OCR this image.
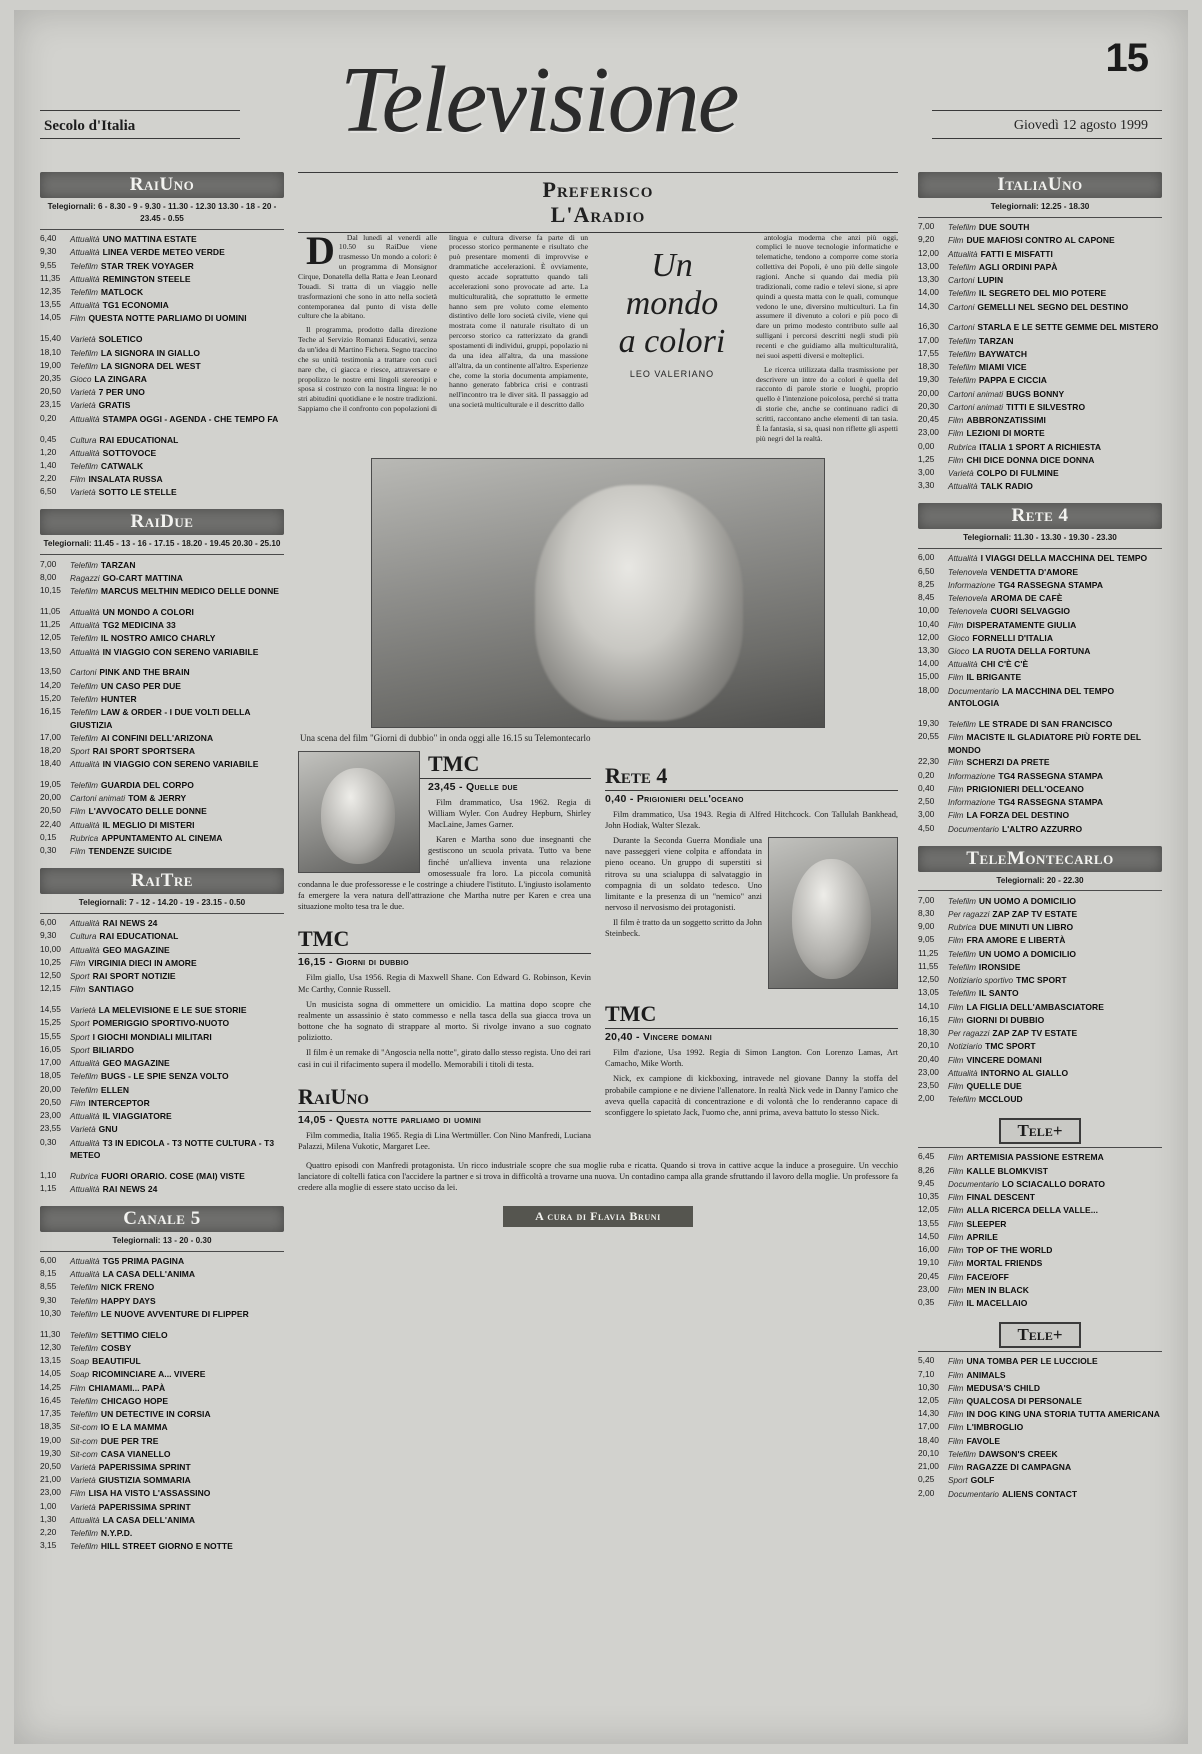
15
Secolo d'Italia Televisione	Giovedì 12 agosto 1999
RaiUno
Telegiornali: 6 - 8.30 - 9 - 9.30 - 11.30 - 12.30 13.30 - 18 - 20 - 23.45 - 0.55
6,40	Attualità UNO MATTINA ESTATE
9,30	Attualità LINEA VERDE METEO VERDE
9,55	Telefilm STAR TREK VOYAGER
11,35	Attualità REMINGTON STEELE
12,35	Telefilm MATLOCK
13,55	Attualità TG1 ECONOMIA
14,05	Film QUESTA NOTTE PARLIAMO DI UOMINI
15,40	Varietà SOLETICO
18,10	Telefilm LA SIGNORA IN GIALLO
19,00	Telefilm LA SIGNORA DEL WEST
20,35	Gioco LA ZINGARA
20,50	Varietà 7 PER UNO
23,15	Varietà GRATIS
0,20	Attualità STAMPA OGGI - AGENDA - CHE TEMPO FA
0,45	Cultura RAI EDUCATIONAL
1,20	Attualità SOTTOVOCE
1,40	Telefilm CATWALK
2,20	Film INSALATA RUSSA
6,50	Varietà SOTTO LE STELLE
RaiDue
Telegiornali: 11.45 - 13 - 16 - 17.15 - 18.20 - 19.45 20.30 - 25.10
7,00	Telefilm TARZAN
8,00	Ragazzi GO-CART MATTINA
10,15	Telefilm MARCUS MELTHIN MEDICO DELLE DONNE
11,05	Attualità UN MONDO A COLORI
11,25	Attualità TG2 MEDICINA 33
12,05	Telefilm IL NOSTRO AMICO CHARLY
13,50	Attualità IN VIAGGIO CON SERENO VARIABILE
13,50	Cartoni PINK AND THE BRAIN
14,20	Telefilm UN CASO PER DUE
15,20	Telefilm HUNTER
16,15	Telefilm LAW & ORDER - I DUE VOLTI DELLA GIUSTIZIA
17,00	Telefilm AI CONFINI DELL'ARIZONA
18,20	Sport RAI SPORT SPORTSERA
18,40	Attualità IN VIAGGIO CON SERENO VARIABILE
19,05	Telefilm GUARDIA DEL CORPO
20,00	Cartoni animati TOM & JERRY
20,50	Film L'AVVOCATO DELLE DONNE
22,40	Attualità IL MEGLIO DI MISTERI
0,15	Rubrica APPUNTAMENTO AL CINEMA
0,30	Film TENDENZE SUICIDE
RaiTre
Telegiornali: 7 - 12 - 14.20 - 19 - 23.15 - 0.50
6,00	Attualità RAI NEWS 24
9,30	Cultura RAI EDUCATIONAL
10,00	Attualità GEO MAGAZINE
10,25	Film VIRGINIA DIECI IN AMORE
12,50	Sport RAI SPORT NOTIZIE
12,15	Film SANTIAGO
14,55	Varietà LA MELEVISIONE E LE SUE STORIE
15,25	Sport POMERIGGIO SPORTIVO-NUOTO
15,55	Sport I GIOCHI MONDIALI MILITARI
16,05	Sport BILIARDO
17,00	Attualità GEO MAGAZINE
18,05	Telefilm BUGS - LE SPIE SENZA VOLTO
20,00	Telefilm ELLEN
20,50	Film INTERCEPTOR
23,00	Attualità IL VIAGGIATORE
23,55	Varietà GNU
0,30	Attualità T3 IN EDICOLA - T3 NOTTE CULTURA - T3 METEO
1,10	Rubrica FUORI ORARIO. COSE (MAI) VISTE
1,15	Attualità RAI NEWS 24
Canale 5
Telegiornali: 13 - 20 - 0.30
6,00	Attualità TG5 PRIMA PAGINA
8,15	Attualità LA CASA DELL'ANIMA
8,55	Telefilm NICK FRENO
9,30	Telefilm HAPPY DAYS
10,30	Telefilm LE NUOVE AVVENTURE DI FLIPPER
11,30	Telefilm SETTIMO CIELO
12,30	Telefilm COSBY
13,15	Soap BEAUTIFUL
14,05	Soap RICOMINCIARE A... VIVERE
14,25	Film CHIAMAMI... PAPÀ
16,45	Telefilm CHICAGO HOPE
17,35	Telefilm UN DETECTIVE IN CORSIA
18,35	Sit-com IO E LA MAMMA
19,00	Sit-com DUE PER TRE
19,30	Sit-com CASA VIANELLO
20,50	Varietà PAPERISSIMA SPRINT
21,00	Varietà GIUSTIZIA SOMMARIA
23,00	Film LISA HA VISTO L'ASSASSINO
1,00	Varietà PAPERISSIMA SPRINT
1,30	Attualità LA CASA DELL'ANIMA
2,20	Telefilm N.Y.P.D.
3,15	Telefilm HILL STREET GIORNO E NOTTE
ItaliaUno
Telegiornali: 12.25 - 18.30
7,00	Telefilm DUE SOUTH
9,20	Film DUE MAFIOSI CONTRO AL CAPONE
12,00	Attualità FATTI E MISFATTI
13,00	Telefilm AGLI ORDINI PAPÀ
13,30	Cartoni LUPIN
14,00	Telefilm IL SEGRETO DEL MIO POTERE
14,30	Cartoni GEMELLI NEL SEGNO DEL DESTINO
16,30	Cartoni STARLA E LE SETTE GEMME DEL MISTERO
17,00	Telefilm TARZAN
17,55	Telefilm BAYWATCH
18,30	Telefilm MIAMI VICE
19,30	Telefilm PAPPA E CICCIA
20,00	Cartoni animati BUGS BONNY
20,30	Cartoni animati TITTI E SILVESTRO
20,45	Film ABBRONZATISSIMI
23,00	Film LEZIONI DI MORTE
0,00	Rubrica ITALIA 1 SPORT A RICHIESTA
1,25	Film CHI DICE DONNA DICE DONNA
3,00	Varietà COLPO DI FULMINE
3,30	Attualità TALK RADIO
Rete 4
Telegiornali: 11.30 - 13.30 - 19.30 - 23.30
6,00	Attualità I VIAGGI DELLA MACCHINA DEL TEMPO
6,50	Telenovela VENDETTA D'AMORE
8,25	Informazione TG4 RASSEGNA STAMPA
8,45	Telenovela AROMA DE CAFÈ
10,00	Telenovela CUORI SELVAGGIO
10,40	Film DISPERATAMENTE GIULIA
12,00	Gioco FORNELLI D'ITALIA
13,30	Gioco LA RUOTA DELLA FORTUNA
14,00	Attualità CHI C'È C'È
15,00	Film IL BRIGANTE
18,00	Documentario LA MACCHINA DEL TEMPO ANTOLOGIA
19,30	Telefilm LE STRADE DI SAN FRANCISCO
20,55	Film MACISTE IL GLADIATORE PIÙ FORTE DEL MONDO
22,30	Film SCHERZI DA PRETE
0,20	Informazione TG4 RASSEGNA STAMPA
0,40	Film PRIGIONIERI DELL'OCEANO
2,50	Informazione TG4 RASSEGNA STAMPA
3,00	Film LA FORZA DEL DESTINO
4,50	Documentario L'ALTRO AZZURRO
TeleMontecarlo
Telegiornali: 20 - 22.30
7,00	Telefilm UN UOMO A DOMICILIO
8,30	Per ragazzi ZAP ZAP TV ESTATE
9,00	Rubrica DUE MINUTI UN LIBRO
9,05	Film FRA AMORE E LIBERTÀ
11,25	Telefilm UN UOMO A DOMICILIO
11,55	Telefilm IRONSIDE
12,50	Notiziario sportivo TMC SPORT
13,05	Telefilm IL SANTO
14,10	Film LA FIGLIA DELL'AMBASCIATORE
16,15	Film GIORNI DI DUBBIO
18,30	Per ragazzi ZAP ZAP TV ESTATE
20,10	Notiziario TMC SPORT
20,40	Film VINCERE DOMANI
23,00	Attualità INTORNO AL GIALLO
23,50	Film QUELLE DUE
2,00	Telefilm MCCLOUD
Tele+
6,45	Film ARTEMISIA PASSIONE ESTREMA
8,26	Film KALLE BLOMKVIST
9,45	Documentario LO SCIACALLO DORATO
10,35	Film FINAL DESCENT
12,05	Film ALLA RICERCA DELLA VALLE...
13,55	Film SLEEPER
14,50	Film APRILE
16,00	Film TOP OF THE WORLD
19,10	Film MORTAL FRIENDS
20,45	Film FACE/OFF
23,00	Film MEN IN BLACK
0,35	Film IL MACELLAIO
Tele+
5,40	Film UNA TOMBA PER LE LUCCIOLE
7,10	Film ANIMALS
10,30	Film MEDUSA'S CHILD
12,05	Film QUALCOSA DI PERSONALE
14,30	Film IN DOG KING UNA STORIA TUTTA AMERICANA
17,00	Film L'IMBROGLIO
18,40	Film FAVOLE
20,10	Telefilm DAWSON'S CREEK
21,00	Film RAGAZZE DI CAMPAGNA
0,25	Sport GOLF
2,00	Documentario ALIENS CONTACT
Preferisco
L'Aradio

D Dal lunedì al venerdì alle 10.50 su RaiDue viene trasmesso Un mondo a colori: è un programma di Monsignor Cirque, Donatella della Ratta e Jean Leonard Touadi. Si tratta di un viaggio nelle trasformazioni che sono in atto nella società contemporanea dal punto di vista delle culture che la abitano.

Il programma, prodotto dalla direzione Teche al Servizio Romanzi Educativi, senza da un'idea di Martino Fichera. Segno traccino che su unità testimonia a trattare con cuci nare che, ci giacca e riesce, attraversare e propolizzo le nostre emi lingoli stereotipi e sposa si costruzo con la nostra lingua: le no stri abitudini quotidiane e le nostre tradizioni. Sappiamo che il confronto con popolazioni di lingua e cultura diverse fa parte di un processo storico permanente e risultato che può presentare momenti di improvvise e drammatiche accelerazioni. È ovviamente, questo accade soprattutto quando tali accelerazioni sono provocate ad arte. La multiculturalità, che soprattutto le ermette hanno sem pre voluto come elemento distintivo delle loro società civile, viene qui mostrata come il naturale risultato di un percorso storico ca ratterizzato da grandi spostamenti di individui, gruppi, popolazio ni da una idea all'altra, da una massione all'altra, da un continente all'altro. Esperienze che, come la storia documenta ampiamente, hanno generato fabbrica crisi e contrasti nell'incontro tra le diver sità. Il passaggio ad una società multiculturale e il descritto dallo

Un
mondo
a colori
LEO VALERIANO

antologia moderna che anzi più oggi, complici le nuove tecnologie informatiche e telematiche, tendono a comporre come storia collettiva dei Popoli, è uno più delle singole ragioni. Anche si quando dai media più tradizionali, come radio e televi sione, si apre quindi a questa matta con le quali, comunque vedono le une, diversino multiculturi. La fin assumere il divenuto a colori e più poco di dare un primo modesto contributo sulle aal sulligani i percorsi descritti negli studi più recenti e che guidiamo alla multiculturalità, nei suoi aspetti diversi e molteplici.

Le ricerca utilizzata dalla trasmissione per descrivere un intre do a colori è quella del racconto di parole storie e luoghi, proprio quello è l'intenzione poicolosa, perché si tratta di storie che, anche se continuano radici di scritti, raccontano anche elementi di tan tasia. È la fantasia, si sa, quasi non riflette gli aspetti più negri del la realtà.

Una scena del film "Giorni di dubbio" in onda oggi alle 16.15 su Telemontecarlo
TMC
23,45 - Quelle due

Film drammatico, Usa 1962. Regia di William Wyler. Con Audrey Hepburn, Shirley MacLaine, James Garner.

Karen e Martha sono due insegnanti che gestiscono un scuola privata. Tutto va bene finché un'allieva inventa una relazione omosessuale fra loro. La piccola comunità condanna le due professoresse e le costringe a chiudere l'istituto. L'ingiusto isolamento fa emergere la vera natura dell'attrazione che Martha nutre per Karen e crea una situazione molto tesa tra le due.

TMC
16,15 - Giorni di dubbio

Film giallo, Usa 1956. Regia di Maxwell Shane. Con Edward G. Robinson, Kevin Mc Carthy, Connie Russell.

Un musicista sogna di ommettere un omicidio. La mattina dopo scopre che realmente un assassinio è stato commesso e nella tasca della sua giacca trova un bottone che ha sognato di strappare al morto. Si rivolge invano a suo cognato poliziotto.

Il film è un remake di "Angoscia nella notte", girato dallo stesso regista. Uno dei rari casi in cui il rifacimento supera il modello. Memorabili i titoli di testa.

RaiUno
14,05 - Questa notte parliamo di uomini

Film commedia, Italia 1965. Regia di Lina Wertmüller. Con Nino Manfredi, Luciana Palazzi, Milena Vukotic, Margaret Lee.

Rete 4
0,40 - Prigionieri dell'oceano

Film drammatico, Usa 1943. Regia di Alfred Hitchcock. Con Tallulah Bankhead, John Hodiak, Walter Slezak.

Durante la Seconda Guerra Mondiale una nave passeggeri viene colpita e affondata in pieno oceano. Un gruppo di superstiti si ritrova su una scialuppa di salvataggio in compagnia di un soldato tedesco. Uno limitante e la presenza di un "nemico" anzi nervoso il nervosismo dei protagonisti.

Il film è tratto da un soggetto scritto da John Steinbeck.

TMC
20,40 - Vincere domani

Film d'azione, Usa 1992. Regia di Simon Langton. Con Lorenzo Lamas, Art Camacho, Mike Worth.

Nick, ex campione di kickboxing, intravede nel giovane Danny la stoffa del probabile campione e ne diviene l'allenatore. In realtà Nick vede in Danny l'amico che aveva quella capacità di concentrazione e di volontà che lo renderanno capace di sconfiggere lo spietato Jack, l'uomo che, anni prima, aveva battuto lo stesso Nick.

Quattro episodi con Manfredi protagonista. Un ricco industriale scopre che sua moglie ruba e ricatta. Quando si trova in cattive acque la induce a proseguire. Un vecchio lanciatore di coltelli fatica con l'accidere la partner e si trova in difficoltà a trovarne una nuova. Un contadino campa alla grande sfruttando il lavoro della moglie. Un professore fa credere alla moglie di essere stato ucciso da lei.

A cura di Flavia Bruni
